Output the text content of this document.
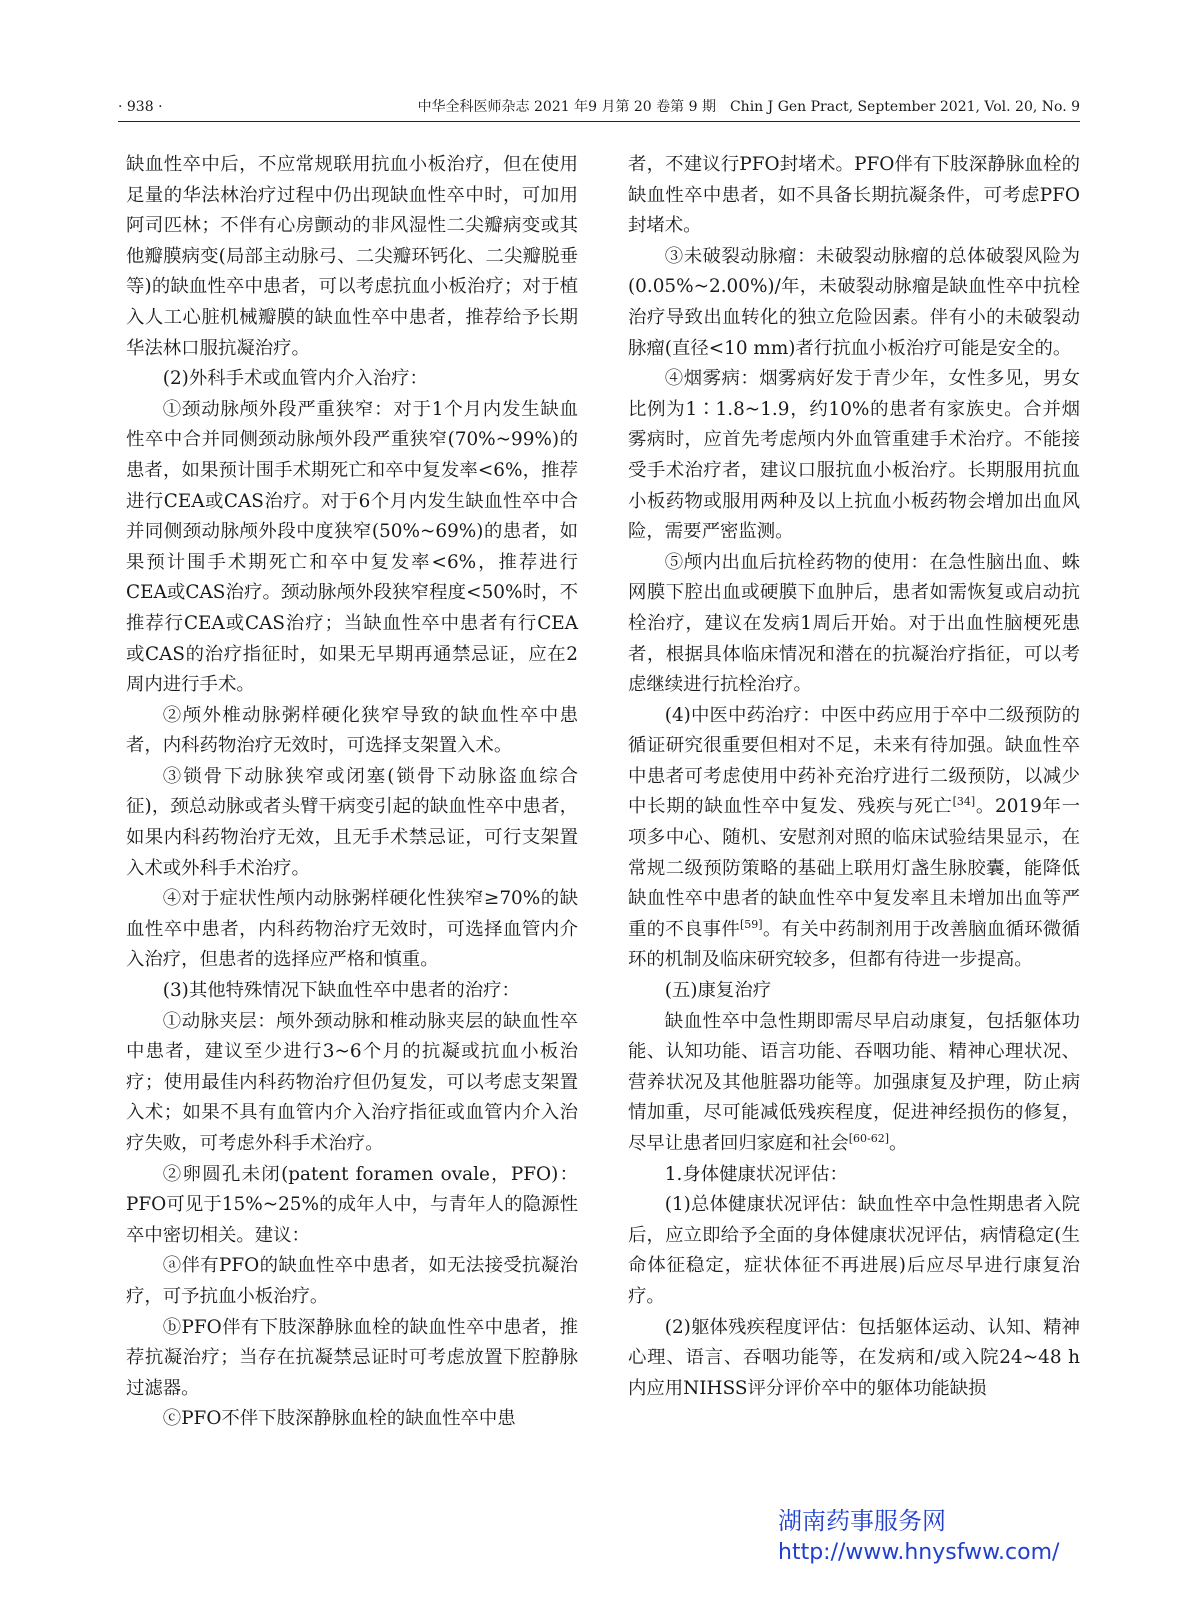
· 938 ·	中华全科医师杂志 2021 年9 月第 20 卷第 9 期　Chin J Gen Pract, September 2021, Vol. 20, No. 9

缺血性卒中后，不应常规联用抗血小板治疗，但在使用足量的华法林治疗过程中仍出现缺血性卒中时，可加用阿司匹林；不伴有心房颤动的非风湿性二尖瓣病变或其他瓣膜病变(局部主动脉弓、二尖瓣环钙化、二尖瓣脱垂等)的缺血性卒中患者，可以考虑抗血小板治疗；对于植入人工心脏机械瓣膜的缺血性卒中患者，推荐给予长期华法林口服抗凝治疗。

(2)外科手术或血管内介入治疗：

①颈动脉颅外段严重狭窄：对于1个月内发生缺血性卒中合并同侧颈动脉颅外段严重狭窄(70%~99%)的患者，如果预计围手术期死亡和卒中复发率<6%，推荐进行CEA或CAS治疗。对于6个月内发生缺血性卒中合并同侧颈动脉颅外段中度狭窄(50%~69%)的患者，如果预计围手术期死亡和卒中复发率<6%，推荐进行CEA或CAS治疗。颈动脉颅外段狭窄程度<50%时，不推荐行CEA或CAS治疗；当缺血性卒中患者有行CEA或CAS的治疗指征时，如果无早期再通禁忌证，应在2周内进行手术。

②颅外椎动脉粥样硬化狭窄导致的缺血性卒中患者，内科药物治疗无效时，可选择支架置入术。

③锁骨下动脉狭窄或闭塞(锁骨下动脉盗血综合征)，颈总动脉或者头臂干病变引起的缺血性卒中患者，如果内科药物治疗无效，且无手术禁忌证，可行支架置入术或外科手术治疗。

④对于症状性颅内动脉粥样硬化性狭窄≥70%的缺血性卒中患者，内科药物治疗无效时，可选择血管内介入治疗，但患者的选择应严格和慎重。

(3)其他特殊情况下缺血性卒中患者的治疗：

①动脉夹层：颅外颈动脉和椎动脉夹层的缺血性卒中患者，建议至少进行3~6个月的抗凝或抗血小板治疗；使用最佳内科药物治疗但仍复发，可以考虑支架置入术；如果不具有血管内介入治疗指征或血管内介入治疗失败，可考虑外科手术治疗。

②卵圆孔未闭(patent foramen ovale，PFO)：PFO可见于15%~25%的成年人中，与青年人的隐源性卒中密切相关。建议：

ⓐ伴有PFO的缺血性卒中患者，如无法接受抗凝治疗，可予抗血小板治疗。

ⓑPFO伴有下肢深静脉血栓的缺血性卒中患者，推荐抗凝治疗；当存在抗凝禁忌证时可考虑放置下腔静脉过滤器。

ⓒPFO不伴下肢深静脉血栓的缺血性卒中患

者，不建议行PFO封堵术。PFO伴有下肢深静脉血栓的缺血性卒中患者，如不具备长期抗凝条件，可考虑PFO封堵术。

③未破裂动脉瘤：未破裂动脉瘤的总体破裂风险为(0.05%~2.00%)/年，未破裂动脉瘤是缺血性卒中抗栓治疗导致出血转化的独立危险因素。伴有小的未破裂动脉瘤(直径<10 mm)者行抗血小板治疗可能是安全的。

④烟雾病：烟雾病好发于青少年，女性多见，男女比例为1∶1.8~1.9，约10%的患者有家族史。合并烟雾病时，应首先考虑颅内外血管重建手术治疗。不能接受手术治疗者，建议口服抗血小板治疗。长期服用抗血小板药物或服用两种及以上抗血小板药物会增加出血风险，需要严密监测。

⑤颅内出血后抗栓药物的使用：在急性脑出血、蛛网膜下腔出血或硬膜下血肿后，患者如需恢复或启动抗栓治疗，建议在发病1周后开始。对于出血性脑梗死患者，根据具体临床情况和潜在的抗凝治疗指征，可以考虑继续进行抗栓治疗。

(4)中医中药治疗：中医中药应用于卒中二级预防的循证研究很重要但相对不足，未来有待加强。缺血性卒中患者可考虑使用中药补充治疗进行二级预防，以减少中长期的缺血性卒中复发、残疾与死亡[34]。2019年一项多中心、随机、安慰剂对照的临床试验结果显示，在常规二级预防策略的基础上联用灯盏生脉胶囊，能降低缺血性卒中患者的缺血性卒中复发率且未增加出血等严重的不良事件[59]。有关中药制剂用于改善脑血循环微循环的机制及临床研究较多，但都有待进一步提高。

(五)康复治疗

缺血性卒中急性期即需尽早启动康复，包括躯体功能、认知功能、语言功能、吞咽功能、精神心理状况、营养状况及其他脏器功能等。加强康复及护理，防止病情加重，尽可能减低残疾程度，促进神经损伤的修复，尽早让患者回归家庭和社会[60-62]。

1.身体健康状况评估：

(1)总体健康状况评估：缺血性卒中急性期患者入院后，应立即给予全面的身体健康状况评估，病情稳定(生命体征稳定，症状体征不再进展)后应尽早进行康复治疗。

(2)躯体残疾程度评估：包括躯体运动、认知、精神心理、语言、吞咽功能等，在发病和/或入院24~48 h内应用NIHSS评分评价卒中的躯体功能缺损

湖南药事服务网
http://www.hnysfww.com/
